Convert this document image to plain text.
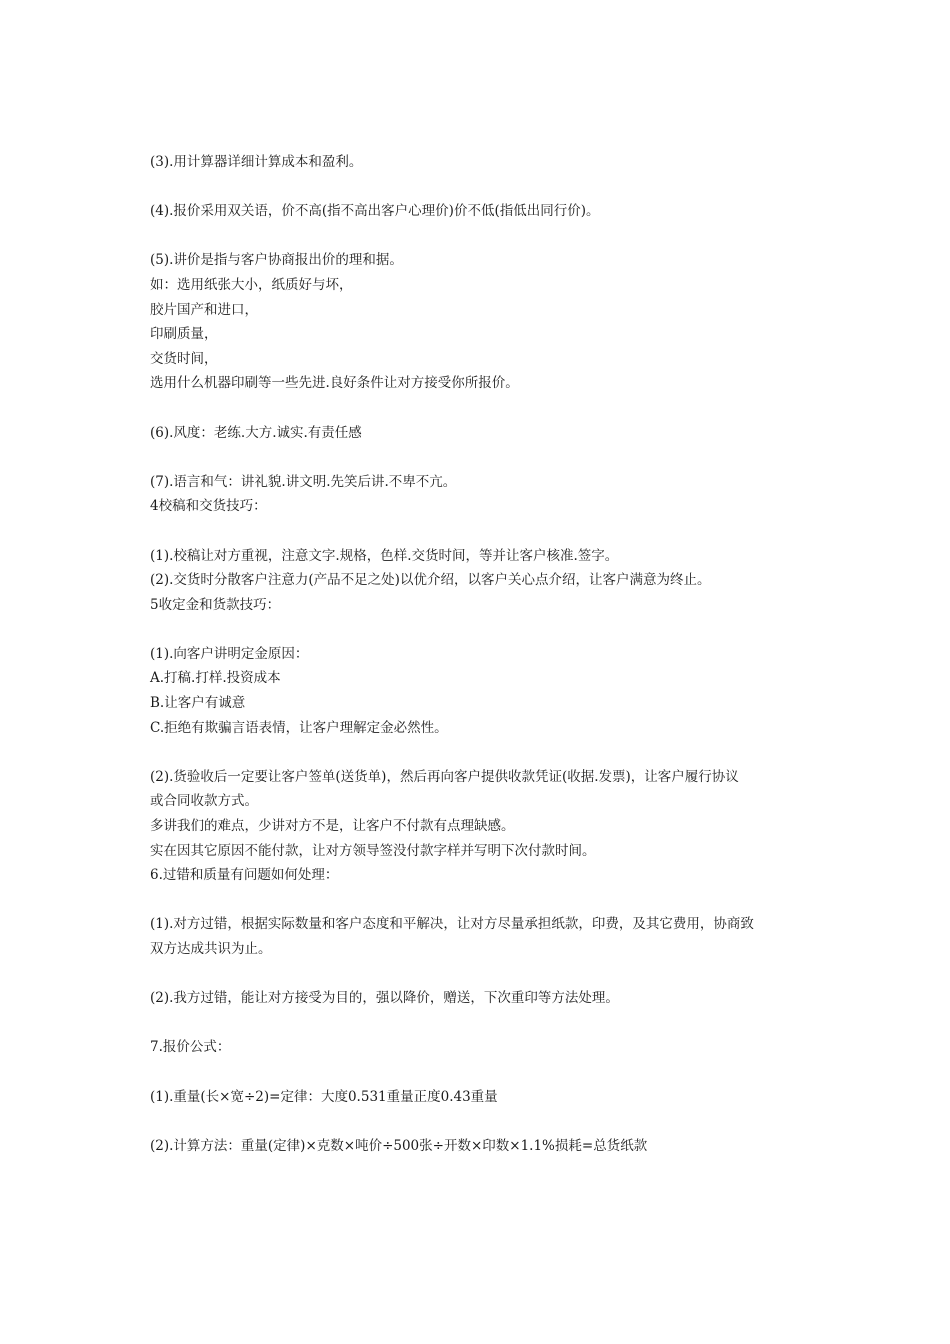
(3).用计算器详细计算成本和盈利。
(4).报价采用双关语，价不高(指不高出客户心理价)价不低(指低出同行价)。
(5).讲价是指与客户协商报出价的理和据。
如：选用纸张大小，纸质好与坏，
胶片国产和进口，
印刷质量，
交货时间，
选用什么机器印刷等一些先进.良好条件让对方接受你所报价。
(6).风度：老练.大方.诚实.有责任感
(7).语言和气：讲礼貌.讲文明.先笑后讲.不卑不亢。
4校稿和交货技巧：
(1).校稿让对方重视，注意文字.规格，色样.交货时间，等并让客户核准.签字。
(2).交货时分散客户注意力(产品不足之处)以优介绍，以客户关心点介绍，让客户满意为终止。
5收定金和货款技巧：
(1).向客户讲明定金原因：
A.打稿.打样.投资成本
B.让客户有诚意
C.拒绝有欺骗言语表情，让客户理解定金必然性。
(2).货验收后一定要让客户签单(送货单)，然后再向客户提供收款凭证(收据.发票)，让客户履行协议
或合同收款方式。
多讲我们的难点，少讲对方不是，让客户不付款有点理缺感。
实在因其它原因不能付款，让对方领导签没付款字样并写明下次付款时间。
6.过错和质量有问题如何处理：
(1).对方过错，根据实际数量和客户态度和平解决，让对方尽量承担纸款，印费，及其它费用，协商致
双方达成共识为止。
(2).我方过错，能让对方接受为目的，强以降价，赠送，下次重印等方法处理。
7.报价公式：
(1).重量(长×宽÷2)=定律：大度0.531重量正度0.43重量
(2).计算方法：重量(定律)×克数×吨价÷500张÷开数×印数×1.1%损耗=总货纸款
